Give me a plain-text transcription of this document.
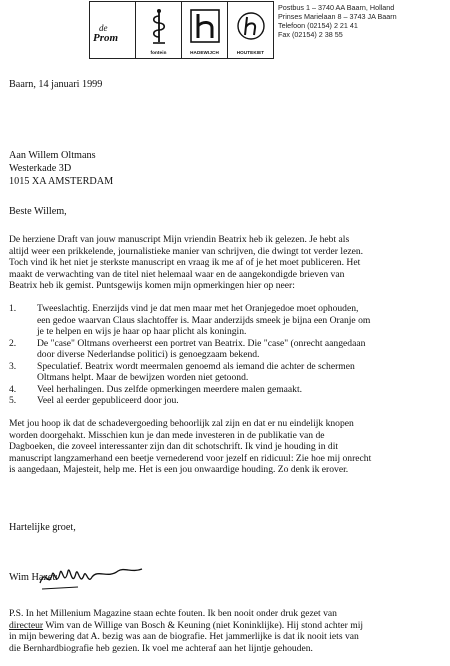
de
Prom
fontein	HADEWIJCH	HOUTEKIET
Postbus 1 – 3740 AA Baarn, Holland
Prinses Marielaan 8 – 3743 JA Baarn
Telefoon (02154) 2 21 41
Fax (02154) 2 38 55
Baarn, 14 januari 1999
Aan Willem Oltmans
Westerkade 3D
1015 XA AMSTERDAM
Beste Willem,
De herziene Draft van jouw manuscript Mijn vriendin Beatrix heb ik gelezen. Je hebt als
altijd weer een prikkelende, journalistieke manier van schrijven, die dwingt tot verder lezen.
Toch vind ik het niet je sterkste manuscript en vraag ik me af of je het moet publiceren. Het
maakt de verwachting van de titel niet helemaal waar en de aangekondigde brieven van
Beatrix heb ik gemist. Puntsgewijs komen mijn opmerkingen hier op neer:
1.	Tweeslachtig. Enerzijds vind je dat men maar met het Oranjegedoe moet ophouden,
een gedoe waarvan Claus slachtoffer is. Maar anderzijds smeek je bijna een Oranje om
je te helpen en wijs je haar op haar plicht als koningin.
2.	De "case" Oltmans overheerst een portret van Beatrix. Die "case" (onrecht aangedaan
door diverse Nederlandse politici) is genoegzaam bekend.
3.	Speculatief. Beatrix wordt meermalen genoemd als iemand die achter de schermen
Oltmans helpt. Maar de bewijzen worden niet getoond.
4.	Veel herhalingen. Dus zelfde opmerkingen meerdere malen gemaakt.
5.	Veel al eerder gepubliceerd door jou.
Met jou hoop ik dat de schadevergoeding behoorlijk zal zijn en dat er nu eindelijk knopen
worden doorgehakt. Misschien kun je dan mede investeren in de publikatie van de
Dagboeken, die zoveel interessanter zijn dan dit schotschrift. Ik vind je houding in dit
manuscript langzamerhand een beetje vernederend voor jezelf en ridicuul: Zie hoe mij onrecht
is aangedaan, Majesteit, help me. Het is een jou onwaardige houding. Zo denk ik erover.
Hartelijke groet,
Wim Hazeu
P.S. In het Millenium Magazine staan echte fouten. Ik ben nooit onder druk gezet van
directeur Wim van de Willige van Bosch & Keuning (niet Koninklijke). Hij stond achter mij
in mijn bewering dat A. bezig was aan de biografie. Het jammerlijke is dat ik nooit iets van
die Bernhardbiografie heb gezien. Ik voel me achteraf aan het lijntje gehouden.
